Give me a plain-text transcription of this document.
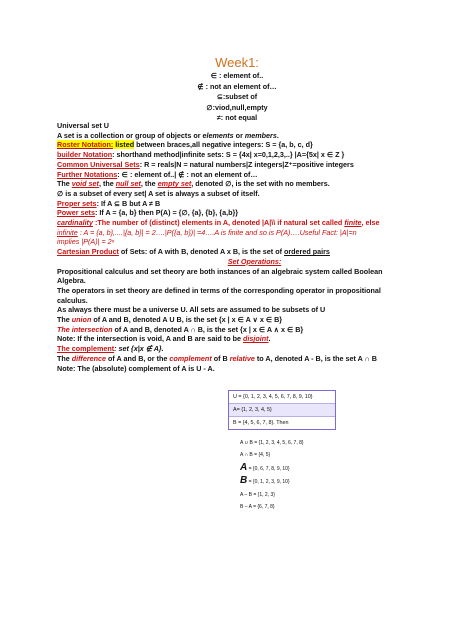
Week1:
∈ : element of..
∉ : not an element of…
⊆:subset of
∅:viod,null,empty
≠: not equal
Universal set U
A set is a collection or group of objects or elements or members.
Roster Notation: listed between braces,all negative integers: S = {a, b, c, d}
builder Notation: shorthand method|infinite sets: S = {4x| x=0,1,2,3,..} |A={5x| x ∈ Z }
Common Universal Sets: R = reals|N = natural numbers|Z integers|Z⁺=positive integers
Further Notations: ∈ : element of..| ∉ : not an element of…
The void set, the null set, the empty set, denoted ∅, is the set with no members.
∅ is a subset of every set| A set is always a subset of itself.
Proper sets: If A ⊆ B but A ≠ B
Power sets: If A = {a, b} then P(A) = {∅, {a}, {b}, {a,b}}
cardinality :The number of (distinct) elements in A, denoted |A|\\ if natural set called finite, else
infinite : A = {a, b},....|{a, b}| = 2….|P({a, b})| =4….A is finite and so is P(A)….Useful Fact: |A|=n
implies |P(A)| = 2ⁿ
Cartesian Product of Sets: of A with B, denoted A x B, is the set of ordered pairs
Set Operations:
Propositional calculus and set theory are both instances of an algebraic system called Boolean
Algebra.
The operators in set theory are defined in terms of the corresponding operator in propositional
calculus.
As always there must be a universe U. All sets are assumed to be subsets of U
The union of A and B, denoted A U B, is the set {x | x ∈ A ∨ x ∈ B}
The intersection of A and B, denoted A ∩ B, is the set {x | x ∈ A ∧ x ∈ B}
Note: If the intersection is void, A and B are said to be disjoint.
The complement: set {x|x ∉ A}.
The difference of A and B, or the complement of B relative to A, denoted A - B, is the set A ∩ B
Note: The (absolute) complement of A is U - A.
U = {0, 1, 2, 3, 4, 5, 6, 7, 8, 9, 10}
A= {1, 2, 3, 4, 5}
B = {4, 5, 6, 7, 8}. Then
A ∪ B = {1, 2, 3, 4, 5, 6, 7, 8}
A ∩ B = {4, 5}
A = {0, 6, 7, 8, 9, 10}
B = {0, 1, 2, 3, 9, 10}
A – B = {1, 2, 3}
B – A = {6, 7, 8}
